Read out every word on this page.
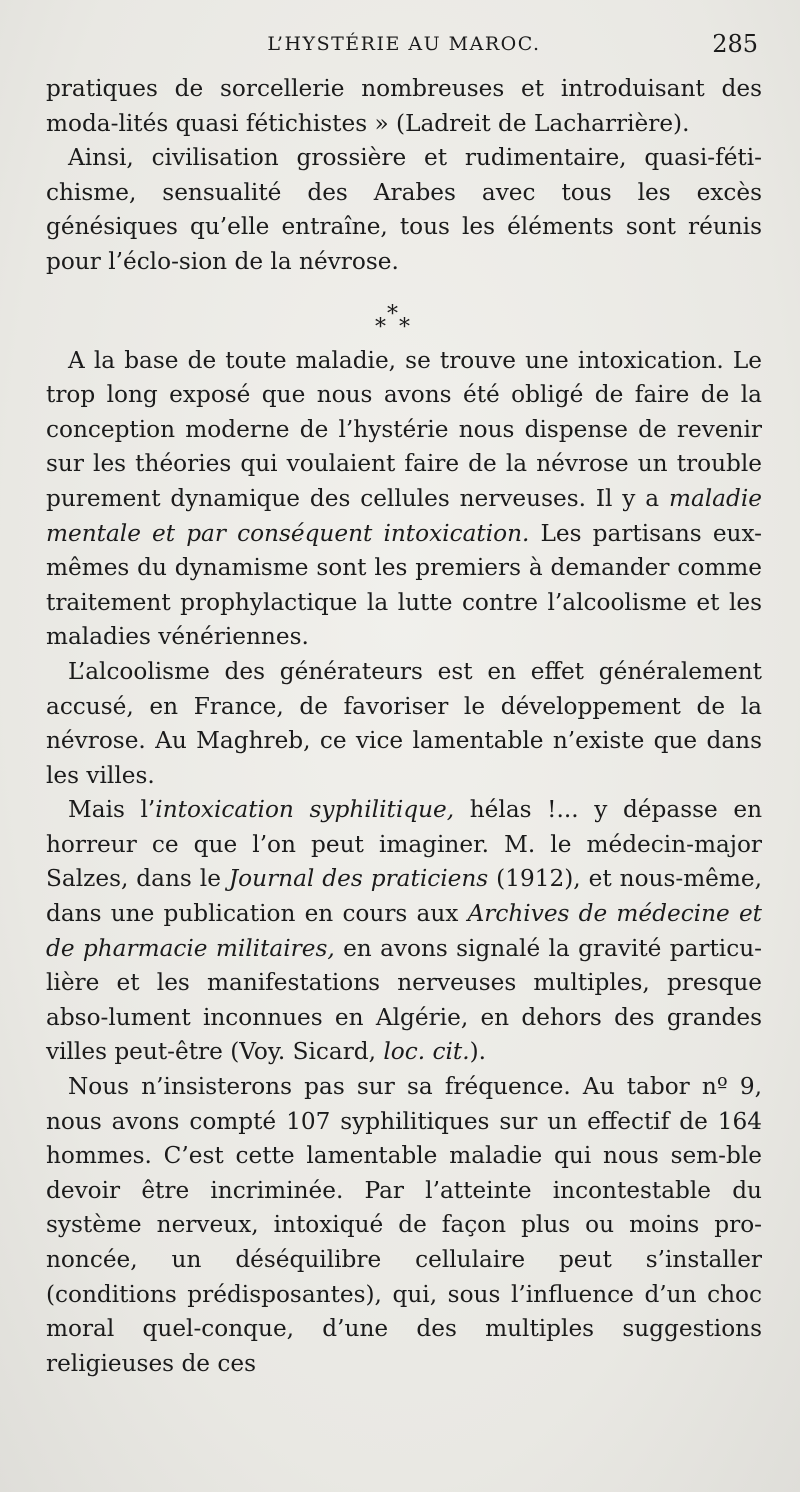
L’HYSTÉRIE AU MAROC.	285

pratiques de sorcellerie nombreuses et introduisant des moda-lités quasi fétichistes » (Ladreit de Lacharrière).

Ainsi, civilisation grossière et rudimentaire, quasi-féti-chisme, sensualité des Arabes avec tous les excès génésiques qu’elle entraîne, tous les éléments sont réunis pour l’éclo-sion de la névrose.

*
* *

A la base de toute maladie, se trouve une intoxication. Le trop long exposé que nous avons été obligé de faire de la conception moderne de l’hystérie nous dispense de revenir sur les théories qui voulaient faire de la névrose un trouble purement dynamique des cellules nerveuses. Il y a maladie mentale et par conséquent intoxication. Les partisans eux-mêmes du dynamisme sont les premiers à demander comme traitement prophylactique la lutte contre l’alcoolisme et les maladies vénériennes.

L’alcoolisme des générateurs est en effet généralement accusé, en France, de favoriser le développement de la névrose. Au Maghreb, ce vice lamentable n’existe que dans les villes.

Mais l’intoxication syphilitique, hélas !... y dépasse en horreur ce que l’on peut imaginer. M. le médecin-major Salzes, dans le Journal des praticiens (1912), et nous-même, dans une publication en cours aux Archives de médecine et de pharmacie militaires, en avons signalé la gravité particu-lière et les manifestations nerveuses multiples, presque abso-lument inconnues en Algérie, en dehors des grandes villes peut-être (Voy. Sicard, loc. cit.).

Nous n’insisterons pas sur sa fréquence. Au tabor nº 9, nous avons compté 107 syphilitiques sur un effectif de 164 hommes. C’est cette lamentable maladie qui nous sem-ble devoir être incriminée. Par l’atteinte incontestable du système nerveux, intoxiqué de façon plus ou moins pro-noncée, un déséquilibre cellulaire peut s’installer (conditions prédisposantes), qui, sous l’influence d’un choc moral quel-conque, d’une des multiples suggestions religieuses de ces
